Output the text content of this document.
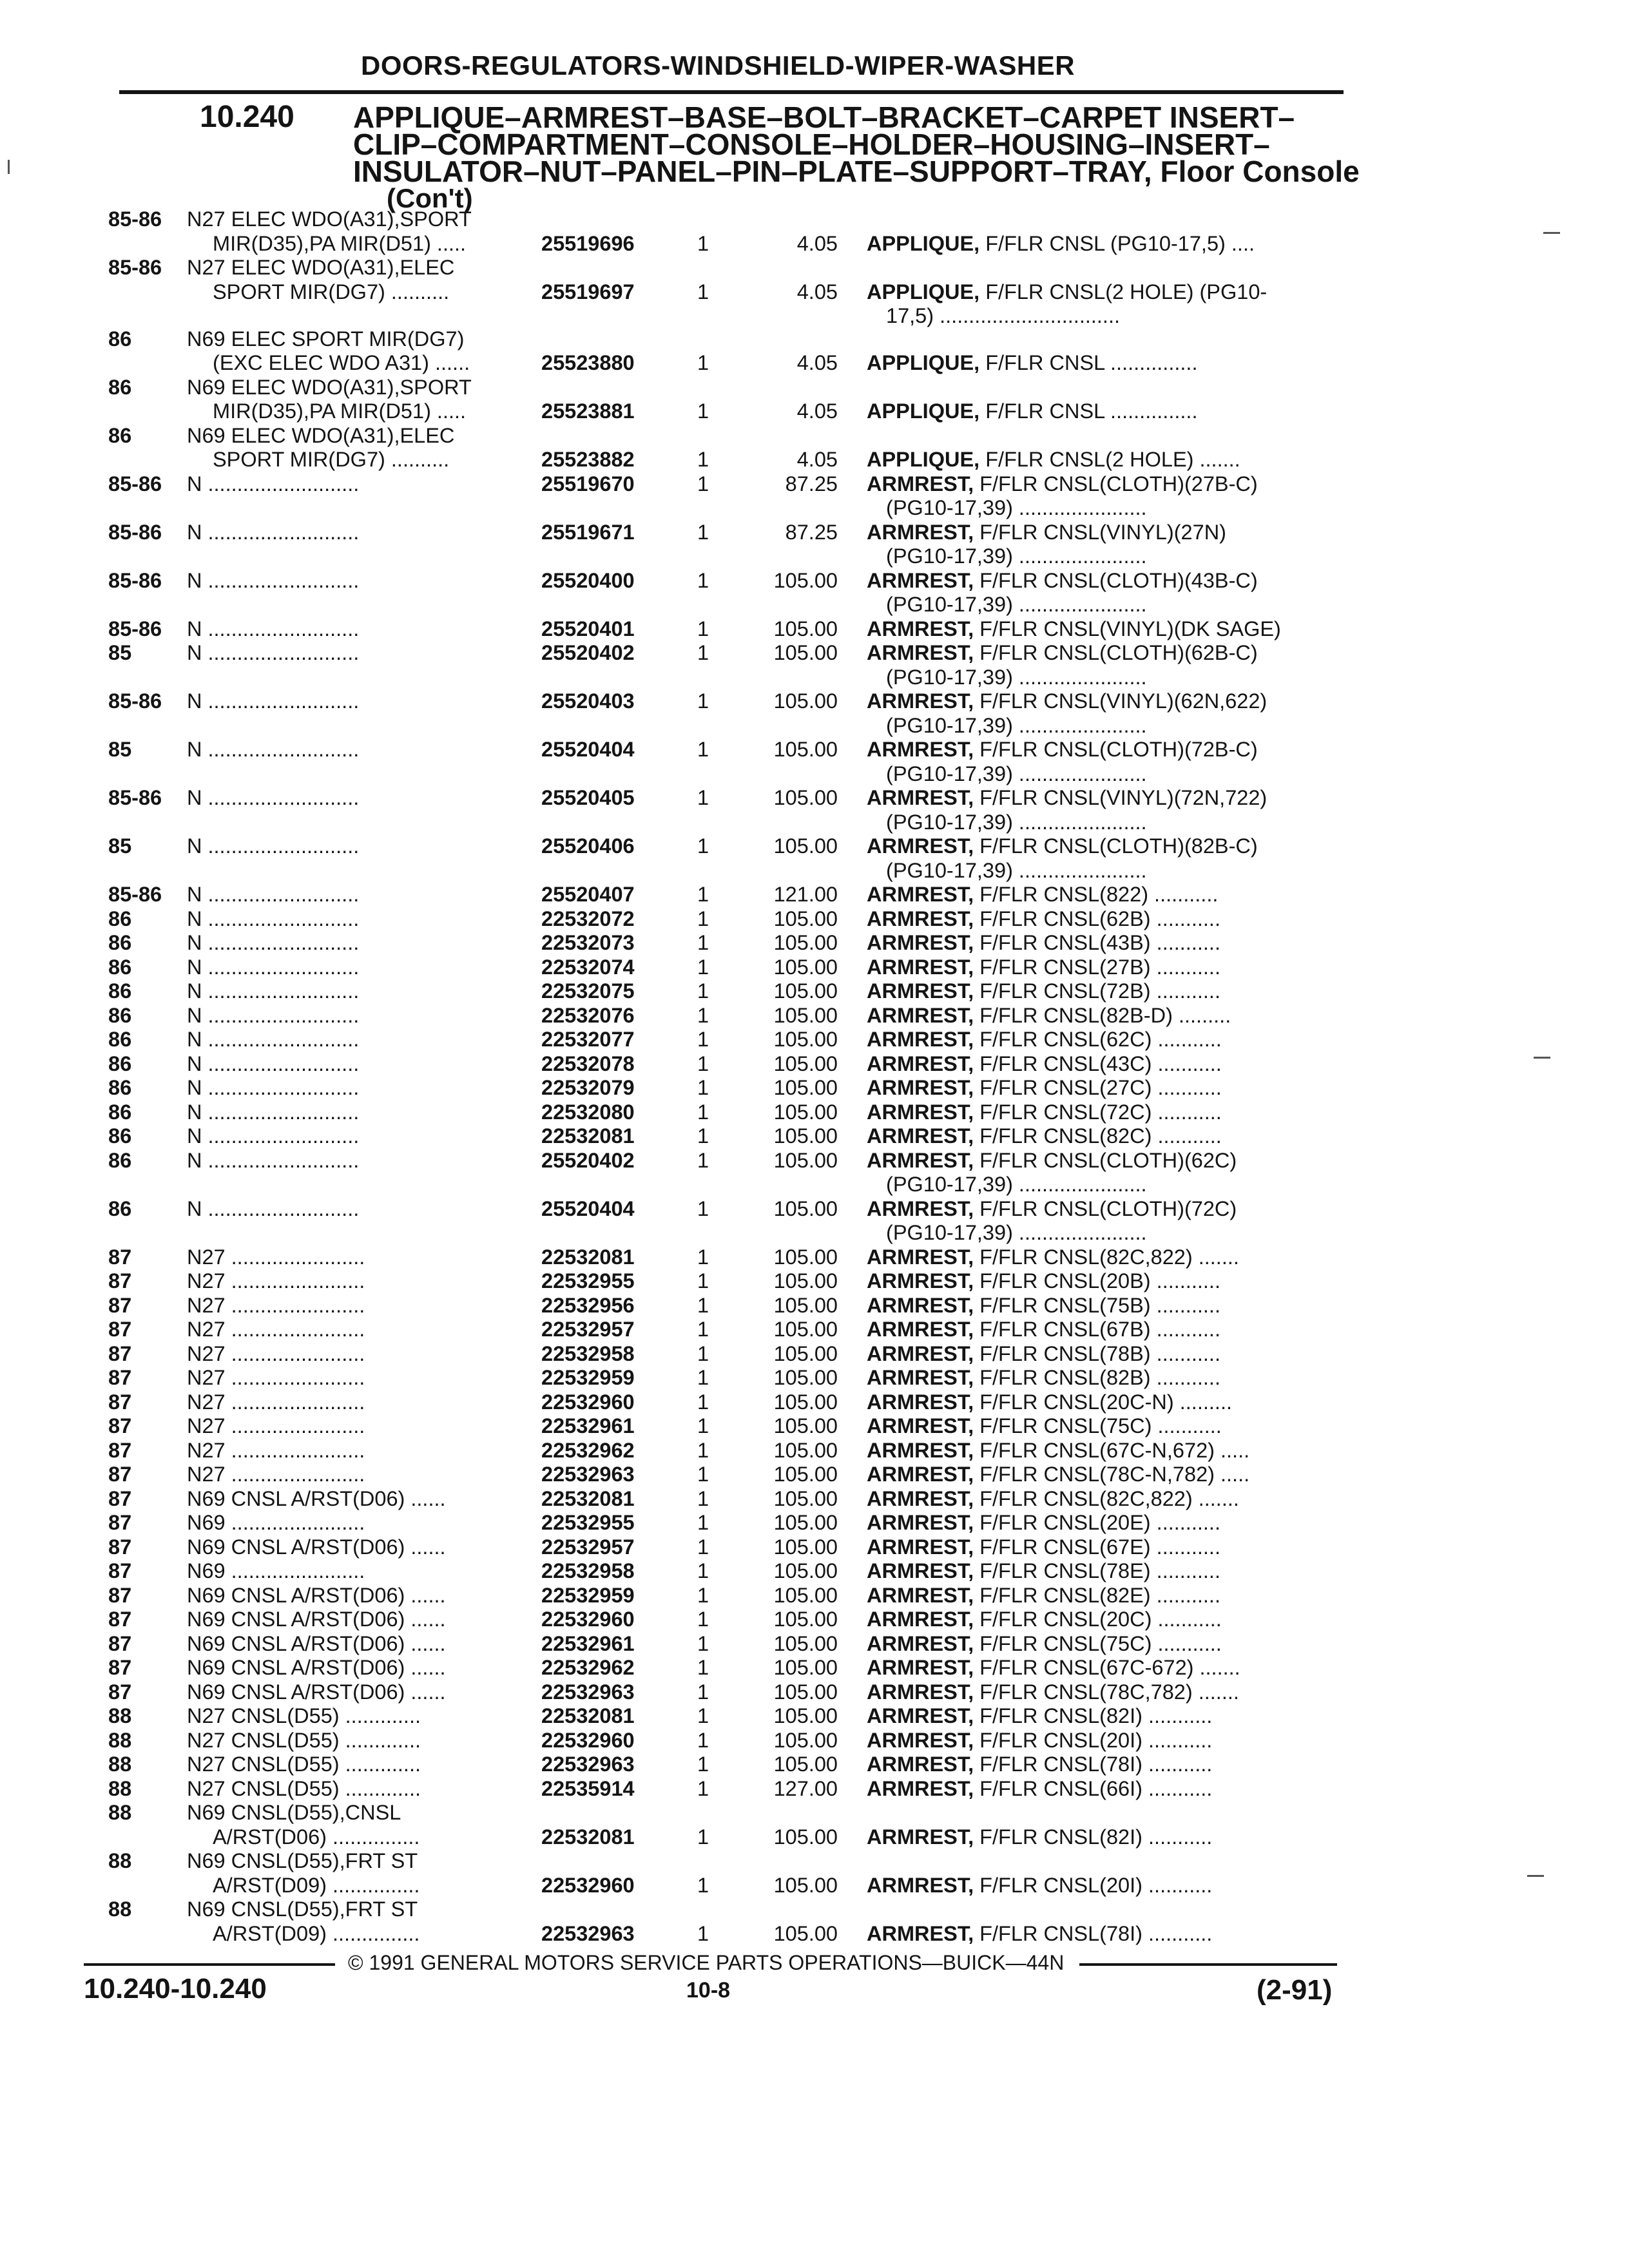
DOORS-REGULATORS-WINDSHIELD-WIPER-WASHER
10.240 APPLIQUE–ARMREST–BASE–BOLT–BRACKET–CARPET INSERT–
CLIP–COMPARTMENT–CONSOLE–HOLDER–HOUSING–INSERT–
INSULATOR–NUT–PANEL–PIN–PLATE–SUPPORT–TRAY, Floor Console
(Con't)
85-86 N27 ELEC WDO(A31),SPORT
MIR(D35),PA MIR(D51) .....	25519696	1	4.05 APPLIQUE, F/FLR CNSL (PG10-17,5) ....
85-86 N27 ELEC WDO(A31),ELEC
SPORT MIR(DG7) ..........	25519697	1	4.05 APPLIQUE, F/FLR CNSL(2 HOLE) (PG10-
17,5) ...............................
86	N69 ELEC SPORT MIR(DG7)
(EXC ELEC WDO A31) ......	25523880	1	4.05 APPLIQUE, F/FLR CNSL ...............
86	N69 ELEC WDO(A31),SPORT
MIR(D35),PA MIR(D51) .....	25523881	1	4.05 APPLIQUE, F/FLR CNSL ...............
86	N69 ELEC WDO(A31),ELEC
SPORT MIR(DG7) ..........	25523882	1	4.05 APPLIQUE, F/FLR CNSL(2 HOLE) .......
85-86 N ..........................	25519670	1	87.25 ARMREST, F/FLR CNSL(CLOTH)(27B-C)
(PG10-17,39) ......................
85-86 N ..........................	25519671	1	87.25 ARMREST, F/FLR CNSL(VINYL)(27N)
(PG10-17,39) ......................
85-86 N ..........................	25520400	1	105.00 ARMREST, F/FLR CNSL(CLOTH)(43B-C)
(PG10-17,39) ......................
85-86 N ..........................	25520401	1	105.00 ARMREST, F/FLR CNSL(VINYL)(DK SAGE)
85	N ..........................	25520402	1	105.00 ARMREST, F/FLR CNSL(CLOTH)(62B-C)
(PG10-17,39) ......................
85-86 N ..........................	25520403	1	105.00 ARMREST, F/FLR CNSL(VINYL)(62N,622)
(PG10-17,39) ......................
85	N ..........................	25520404	1	105.00 ARMREST, F/FLR CNSL(CLOTH)(72B-C)
(PG10-17,39) ......................
85-86 N ..........................	25520405	1	105.00 ARMREST, F/FLR CNSL(VINYL)(72N,722)
(PG10-17,39) ......................
85	N ..........................	25520406	1	105.00 ARMREST, F/FLR CNSL(CLOTH)(82B-C)
(PG10-17,39) ......................
85-86 N ..........................	25520407	1	121.00 ARMREST, F/FLR CNSL(822) ...........
86	N ..........................	22532072	1	105.00 ARMREST, F/FLR CNSL(62B) ...........
86	N ..........................	22532073	1	105.00 ARMREST, F/FLR CNSL(43B) ...........
86	N ..........................	22532074	1	105.00 ARMREST, F/FLR CNSL(27B) ...........
86	N ..........................	22532075	1	105.00 ARMREST, F/FLR CNSL(72B) ...........
86	N ..........................	22532076	1	105.00 ARMREST, F/FLR CNSL(82B-D) .........
86	N ..........................	22532077	1	105.00 ARMREST, F/FLR CNSL(62C) ...........
86	N ..........................	22532078	1	105.00 ARMREST, F/FLR CNSL(43C) ...........
86	N ..........................	22532079	1	105.00 ARMREST, F/FLR CNSL(27C) ...........
86	N ..........................	22532080	1	105.00 ARMREST, F/FLR CNSL(72C) ...........
86	N ..........................	22532081	1	105.00 ARMREST, F/FLR CNSL(82C) ...........
86	N ..........................	25520402	1	105.00 ARMREST, F/FLR CNSL(CLOTH)(62C)
(PG10-17,39) ......................
86	N ..........................	25520404	1	105.00 ARMREST, F/FLR CNSL(CLOTH)(72C)
(PG10-17,39) ......................
87	N27 .......................	22532081	1	105.00 ARMREST, F/FLR CNSL(82C,822) .......
87	N27 .......................	22532955	1	105.00 ARMREST, F/FLR CNSL(20B) ...........
87	N27 .......................	22532956	1	105.00 ARMREST, F/FLR CNSL(75B) ...........
87	N27 .......................	22532957	1	105.00 ARMREST, F/FLR CNSL(67B) ...........
87	N27 .......................	22532958	1	105.00 ARMREST, F/FLR CNSL(78B) ...........
87	N27 .......................	22532959	1	105.00 ARMREST, F/FLR CNSL(82B) ...........
87	N27 .......................	22532960	1	105.00 ARMREST, F/FLR CNSL(20C-N) .........
87	N27 .......................	22532961	1	105.00 ARMREST, F/FLR CNSL(75C) ...........
87	N27 .......................	22532962	1	105.00 ARMREST, F/FLR CNSL(67C-N,672) .....
87	N27 .......................	22532963	1	105.00 ARMREST, F/FLR CNSL(78C-N,782) .....
87	N69 CNSL A/RST(D06) ......	22532081	1	105.00 ARMREST, F/FLR CNSL(82C,822) .......
87	N69 .......................	22532955	1	105.00 ARMREST, F/FLR CNSL(20E) ...........
87	N69 CNSL A/RST(D06) ......	22532957	1	105.00 ARMREST, F/FLR CNSL(67E) ...........
87	N69 .......................	22532958	1	105.00 ARMREST, F/FLR CNSL(78E) ...........
87	N69 CNSL A/RST(D06) ......	22532959	1	105.00 ARMREST, F/FLR CNSL(82E) ...........
87	N69 CNSL A/RST(D06) ......	22532960	1	105.00 ARMREST, F/FLR CNSL(20C) ...........
87	N69 CNSL A/RST(D06) ......	22532961	1	105.00 ARMREST, F/FLR CNSL(75C) ...........
87	N69 CNSL A/RST(D06) ......	22532962	1	105.00 ARMREST, F/FLR CNSL(67C-672) .......
87	N69 CNSL A/RST(D06) ......	22532963	1	105.00 ARMREST, F/FLR CNSL(78C,782) .......
88	N27 CNSL(D55) .............	22532081	1	105.00 ARMREST, F/FLR CNSL(82I) ...........
88	N27 CNSL(D55) .............	22532960	1	105.00 ARMREST, F/FLR CNSL(20I) ...........
88	N27 CNSL(D55) .............	22532963	1	105.00 ARMREST, F/FLR CNSL(78I) ...........
88	N27 CNSL(D55) .............	22535914	1	127.00 ARMREST, F/FLR CNSL(66I) ...........
88	N69 CNSL(D55),CNSL
A/RST(D06) ...............	22532081	1	105.00 ARMREST, F/FLR CNSL(82I) ...........
88	N69 CNSL(D55),FRT ST
A/RST(D09) ...............	22532960	1	105.00 ARMREST, F/FLR CNSL(20I) ...........
88	N69 CNSL(D55),FRT ST
A/RST(D09) ...............	22532963	1	105.00 ARMREST, F/FLR CNSL(78I) ...........
© 1991 GENERAL MOTORS SERVICE PARTS OPERATIONS—BUICK—44N
10.240-10.240	10-8	(2-91)
